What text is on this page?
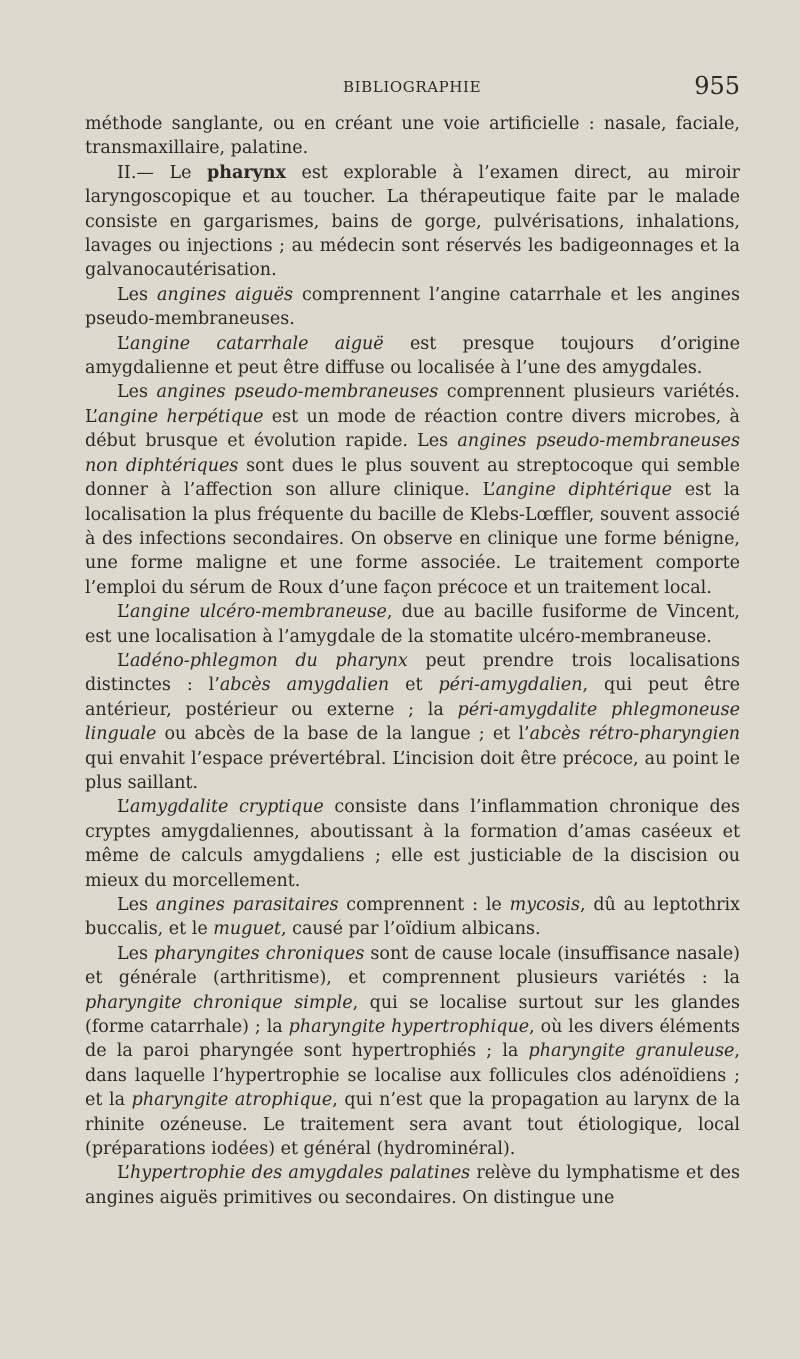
BIBLIOGRAPHIE	955

méthode sanglante, ou en créant une voie artificielle : nasale, faciale, transmaxillaire, palatine.

II.— Le pharynx est explorable à l’examen direct, au miroir laryngoscopique et au toucher. La thérapeutique faite par le malade consiste en gargarismes, bains de gorge, pulvérisations, inhalations, lavages ou injections ; au médecin sont réservés les badigeonnages et la galvanocautérisation.

Les angines aiguës comprennent l’angine catarrhale et les angines pseudo-membraneuses.

L’angine catarrhale aiguë est presque toujours d’origine amygdalienne et peut être diffuse ou localisée à l’une des amygdales.

Les angines pseudo-membraneuses comprennent plusieurs variétés. L’angine herpétique est un mode de réaction contre divers microbes, à début brusque et évolution rapide. Les angines pseudo-membraneuses non diphtériques sont dues le plus souvent au streptocoque qui semble donner à l’affection son allure clinique. L’angine diphtérique est la localisation la plus fréquente du bacille de Klebs-Lœffler, souvent associé à des infections secondaires. On observe en clinique une forme bénigne, une forme maligne et une forme associée. Le traitement comporte l’emploi du sérum de Roux d’une façon précoce et un traitement local.

L’angine ulcéro-membraneuse, due au bacille fusiforme de Vincent, est une localisation à l’amygdale de la stomatite ulcéro-membraneuse.

L’adéno-phlegmon du pharynx peut prendre trois localisations distinctes : l’abcès amygdalien et péri-amygdalien, qui peut être antérieur, postérieur ou externe ; la péri-amygdalite phlegmoneuse linguale ou abcès de la base de la langue ; et l’abcès rétro-pharyngien qui envahit l’espace prévertébral. L’incision doit être précoce, au point le plus saillant.

L’amygdalite cryptique consiste dans l’inflammation chronique des cryptes amygdaliennes, aboutissant à la formation d’amas caséeux et même de calculs amygdaliens ; elle est justiciable de la discision ou mieux du morcellement.

Les angines parasitaires comprennent : le mycosis, dû au leptothrix buccalis, et le muguet, causé par l’oïdium albicans.

Les pharyngites chroniques sont de cause locale (insuffisance nasale) et générale (arthritisme), et comprennent plusieurs variétés : la pharyngite chronique simple, qui se localise surtout sur les glandes (forme catarrhale) ; la pharyngite hypertrophique, où les divers éléments de la paroi pharyngée sont hypertrophiés ; la pharyngite granuleuse, dans laquelle l’hypertrophie se localise aux follicules clos adénoïdiens ; et la pharyngite atrophique, qui n’est que la propagation au larynx de la rhinite ozéneuse. Le traitement sera avant tout étiologique, local (préparations iodées) et général (hydrominéral).

L’hypertrophie des amygdales palatines relève du lymphatisme et des angines aiguës primitives ou secondaires. On distingue une
